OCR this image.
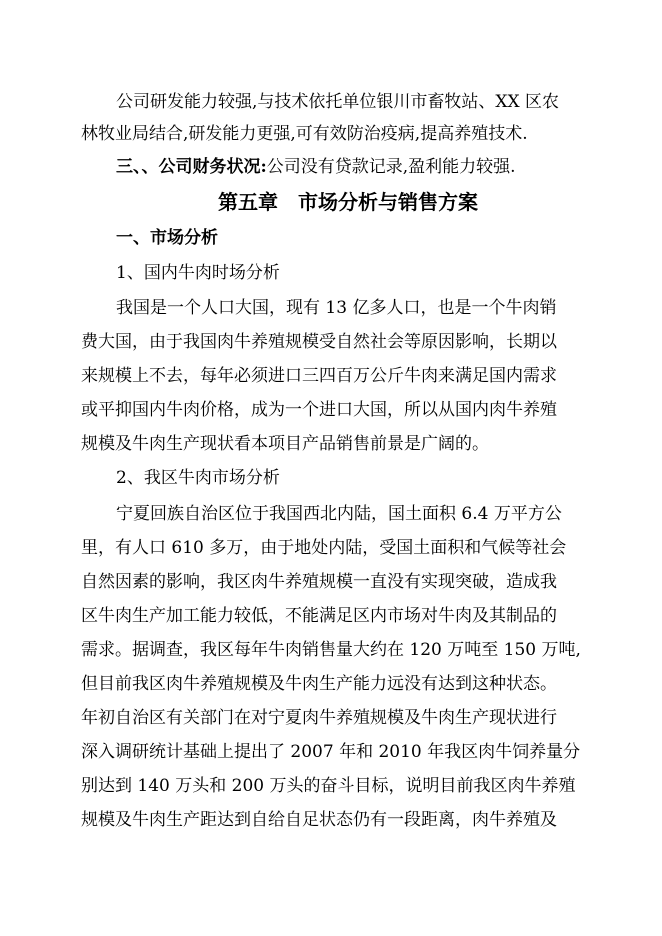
公司研发能力较强,与技术依托单位银川市畜牧站、XX 区农
林牧业局结合,研发能力更强,可有效防治疫病,提高养殖技术.
三、、公司财务状况:公司没有贷款记录,盈利能力较强.
第五章　市场分析与销售方案
一、市场分析
1、国内牛肉时场分析
我国是一个人口大国，现有 13 亿多人口，也是一个牛肉销
费大国，由于我国肉牛养殖规模受自然社会等原因影响，长期以
来规模上不去，每年必须进口三四百万公斤牛肉来满足国内需求
或平抑国内牛肉价格，成为一个进口大国，所以从国内肉牛养殖
规模及牛肉生产现状看本项目产品销售前景是广阔的。
2、我区牛肉市场分析
宁夏回族自治区位于我国西北内陆，国土面积 6.4 万平方公
里，有人口 610 多万，由于地处内陆，受国土面积和气候等社会
自然因素的影响，我区肉牛养殖规模一直没有实现突破，造成我
区牛肉生产加工能力较低，不能满足区内市场对牛肉及其制品的
需求。据调查，我区每年牛肉销售量大约在 120 万吨至 150 万吨,
但目前我区肉牛养殖规模及牛肉生产能力远没有达到这种状态。
年初自治区有关部门在对宁夏肉牛养殖规模及牛肉生产现状进行
深入调研统计基础上提出了 2007 年和 2010 年我区肉牛饲养量分
别达到 140 万头和 200 万头的奋斗目标，说明目前我区肉牛养殖
规模及牛肉生产距达到自给自足状态仍有一段距离，肉牛养殖及
